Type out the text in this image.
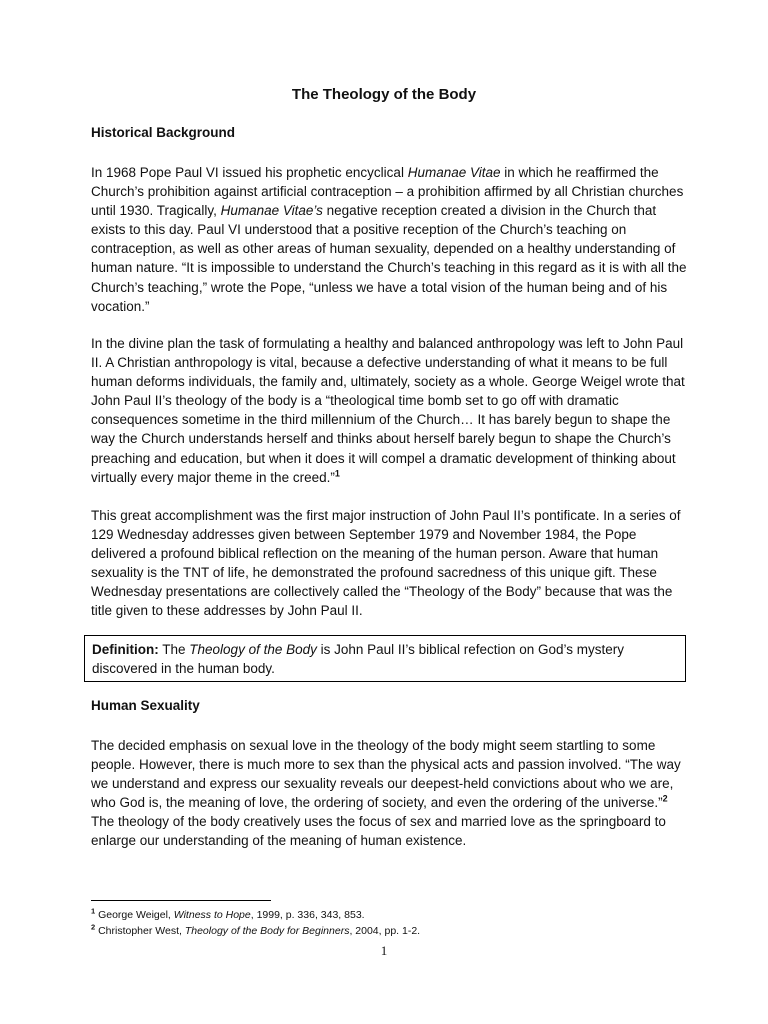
The Theology of the Body
Historical Background

In 1968 Pope Paul VI issued his prophetic encyclical Humanae Vitae in which he reaffirmed the Church’s prohibition against artificial contraception – a prohibition affirmed by all Christian churches until 1930. Tragically, Humanae Vitae’s negative reception created a division in the Church that exists to this day. Paul VI understood that a positive reception of the Church’s teaching on contraception, as well as other areas of human sexuality, depended on a healthy understanding of human nature. “It is impossible to understand the Church’s teaching in this regard as it is with all the Church’s teaching,” wrote the Pope, “unless we have a total vision of the human being and of his vocation.”

In the divine plan the task of formulating a healthy and balanced anthropology was left to John Paul II. A Christian anthropology is vital, because a defective understanding of what it means to be full human deforms individuals, the family and, ultimately, society as a whole. George Weigel wrote that John Paul II’s theology of the body is a “theological time bomb set to go off with dramatic consequences sometime in the third millennium of the Church… It has barely begun to shape the way the Church understands herself and thinks about herself barely begun to shape the Church’s preaching and education, but when it does it will compel a dramatic development of thinking about virtually every major theme in the creed.”$^1$

This great accomplishment was the first major instruction of John Paul II’s pontificate. In a series of 129 Wednesday addresses given between September 1979 and November 1984, the Pope delivered a profound biblical reflection on the meaning of the human person. Aware that human sexuality is the TNT of life, he demonstrated the profound sacredness of this unique gift. These Wednesday presentations are collectively called the “Theology of the Body” because that was the title given to these addresses by John Paul II.
Definition: The Theology of the Body is John Paul II’s biblical refection on God’s mystery discovered in the human body.
Human Sexuality

The decided emphasis on sexual love in the theology of the body might seem startling to some people. However, there is much more to sex than the physical acts and passion involved. “The way we understand and express our sexuality reveals our deepest-held convictions about who we are, who God is, the meaning of love, the ordering of society, and even the ordering of the universe.”$^2$ The theology of the body creatively uses the focus of sex and married love as the springboard to enlarge our understanding of the meaning of human existence.

$^1$ George Weigel, Witness to Hope, 1999, p. 336, 343, 853.
$^2$ Christopher West, Theology of the Body for Beginners, 2004, pp. 1-2.
1
